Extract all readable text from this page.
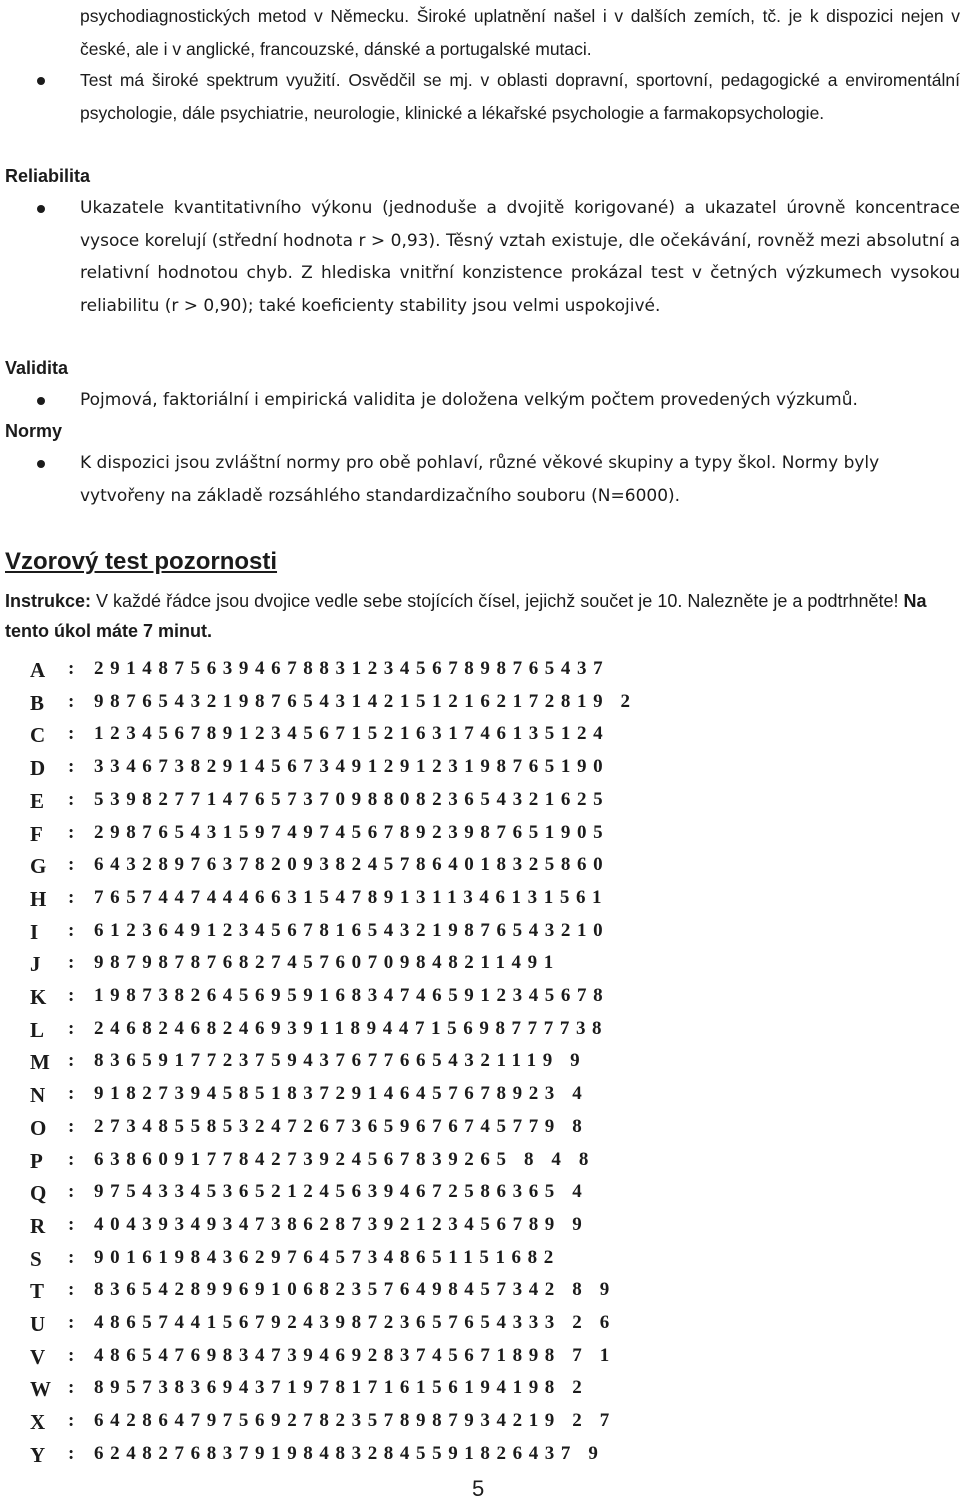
psychodiagnostických metod v Německu. Široké uplatnění našel i v dalších zemích, tč. je k dispozici nejen v české, ale i v anglické, francouzské, dánské a portugalské mutaci.

Test má široké spektrum využití. Osvědčil se mj. v oblasti dopravní, sportovní, pedagogické a enviromentální psychologie, dále psychiatrie, neurologie, klinické a lékařské psychologie a farmakopsychologie.

Reliabilita

Ukazatele kvantitativního výkonu (jednoduše a dvojitě korigované) a ukazatel úrovně koncentrace vysoce korelují (střední hodnota r > 0,93). Těsný vztah existuje, dle očekávání, rovněž mezi absolutní a relativní hodnotou chyb. Z hlediska vnitřní konzistence prokázal test v četných výzkumech vysokou reliabilitu (r > 0,90); také koeficienty stability jsou velmi uspokojivé.

Validita

Pojmová, faktoriální i empirická validita je doložena velkým počtem provedených výzkumů.

Normy

K dispozici jsou zvláštní normy pro obě pohlaví, různé věkové skupiny a typy škol. Normy byly vytvořeny na základě rozsáhlého standardizačního souboru (N=6000).

Vzorový test pozornosti

Instrukce: V každé řádce jsou dvojice vedle sebe stojících čísel, jejichž součet je 10. Nalezněte je a podtrhněte! Na tento úkol máte 7 minut.

A	: 29148756394678831234567898765437
B	: 98765432198765431421512162172819 2
C	: 12345678912345671521631746135124
D	: 33467382914567349129123198765190
E	: 53982771476573709880823654321625
F	: 29876543159749745678923987651905
G	: 64328976378209382457864018325860
H	: 76574474446631547891311346131561
I	: 61236491234567816543219876543210
J	: 98798787682745760709848211491
K	: 19873826456959168347465912345678
L	: 24682468246939118944715698777738
M : 83659177237594376776654321119 9
N	: 91827394585183729146457678923 4
O	: 27348558532472673659676745779 8
P	: 63860917784273924567839265 8 4 8
Q	: 97543345365212456394672586365 4
R	: 40439349347386287392123456789 9
S	: 90161984362976457348651151682
T	: 83654289969106823576498457342 8 9
U	: 48657441567924398723657654333 2 6
V	: 48654769834739469283745671898 7 1
W : 89573836943719781716156194198 2
X	: 64286479756927823578987934219 2 7
Y	: 624827683791984832845591826437 9

5
